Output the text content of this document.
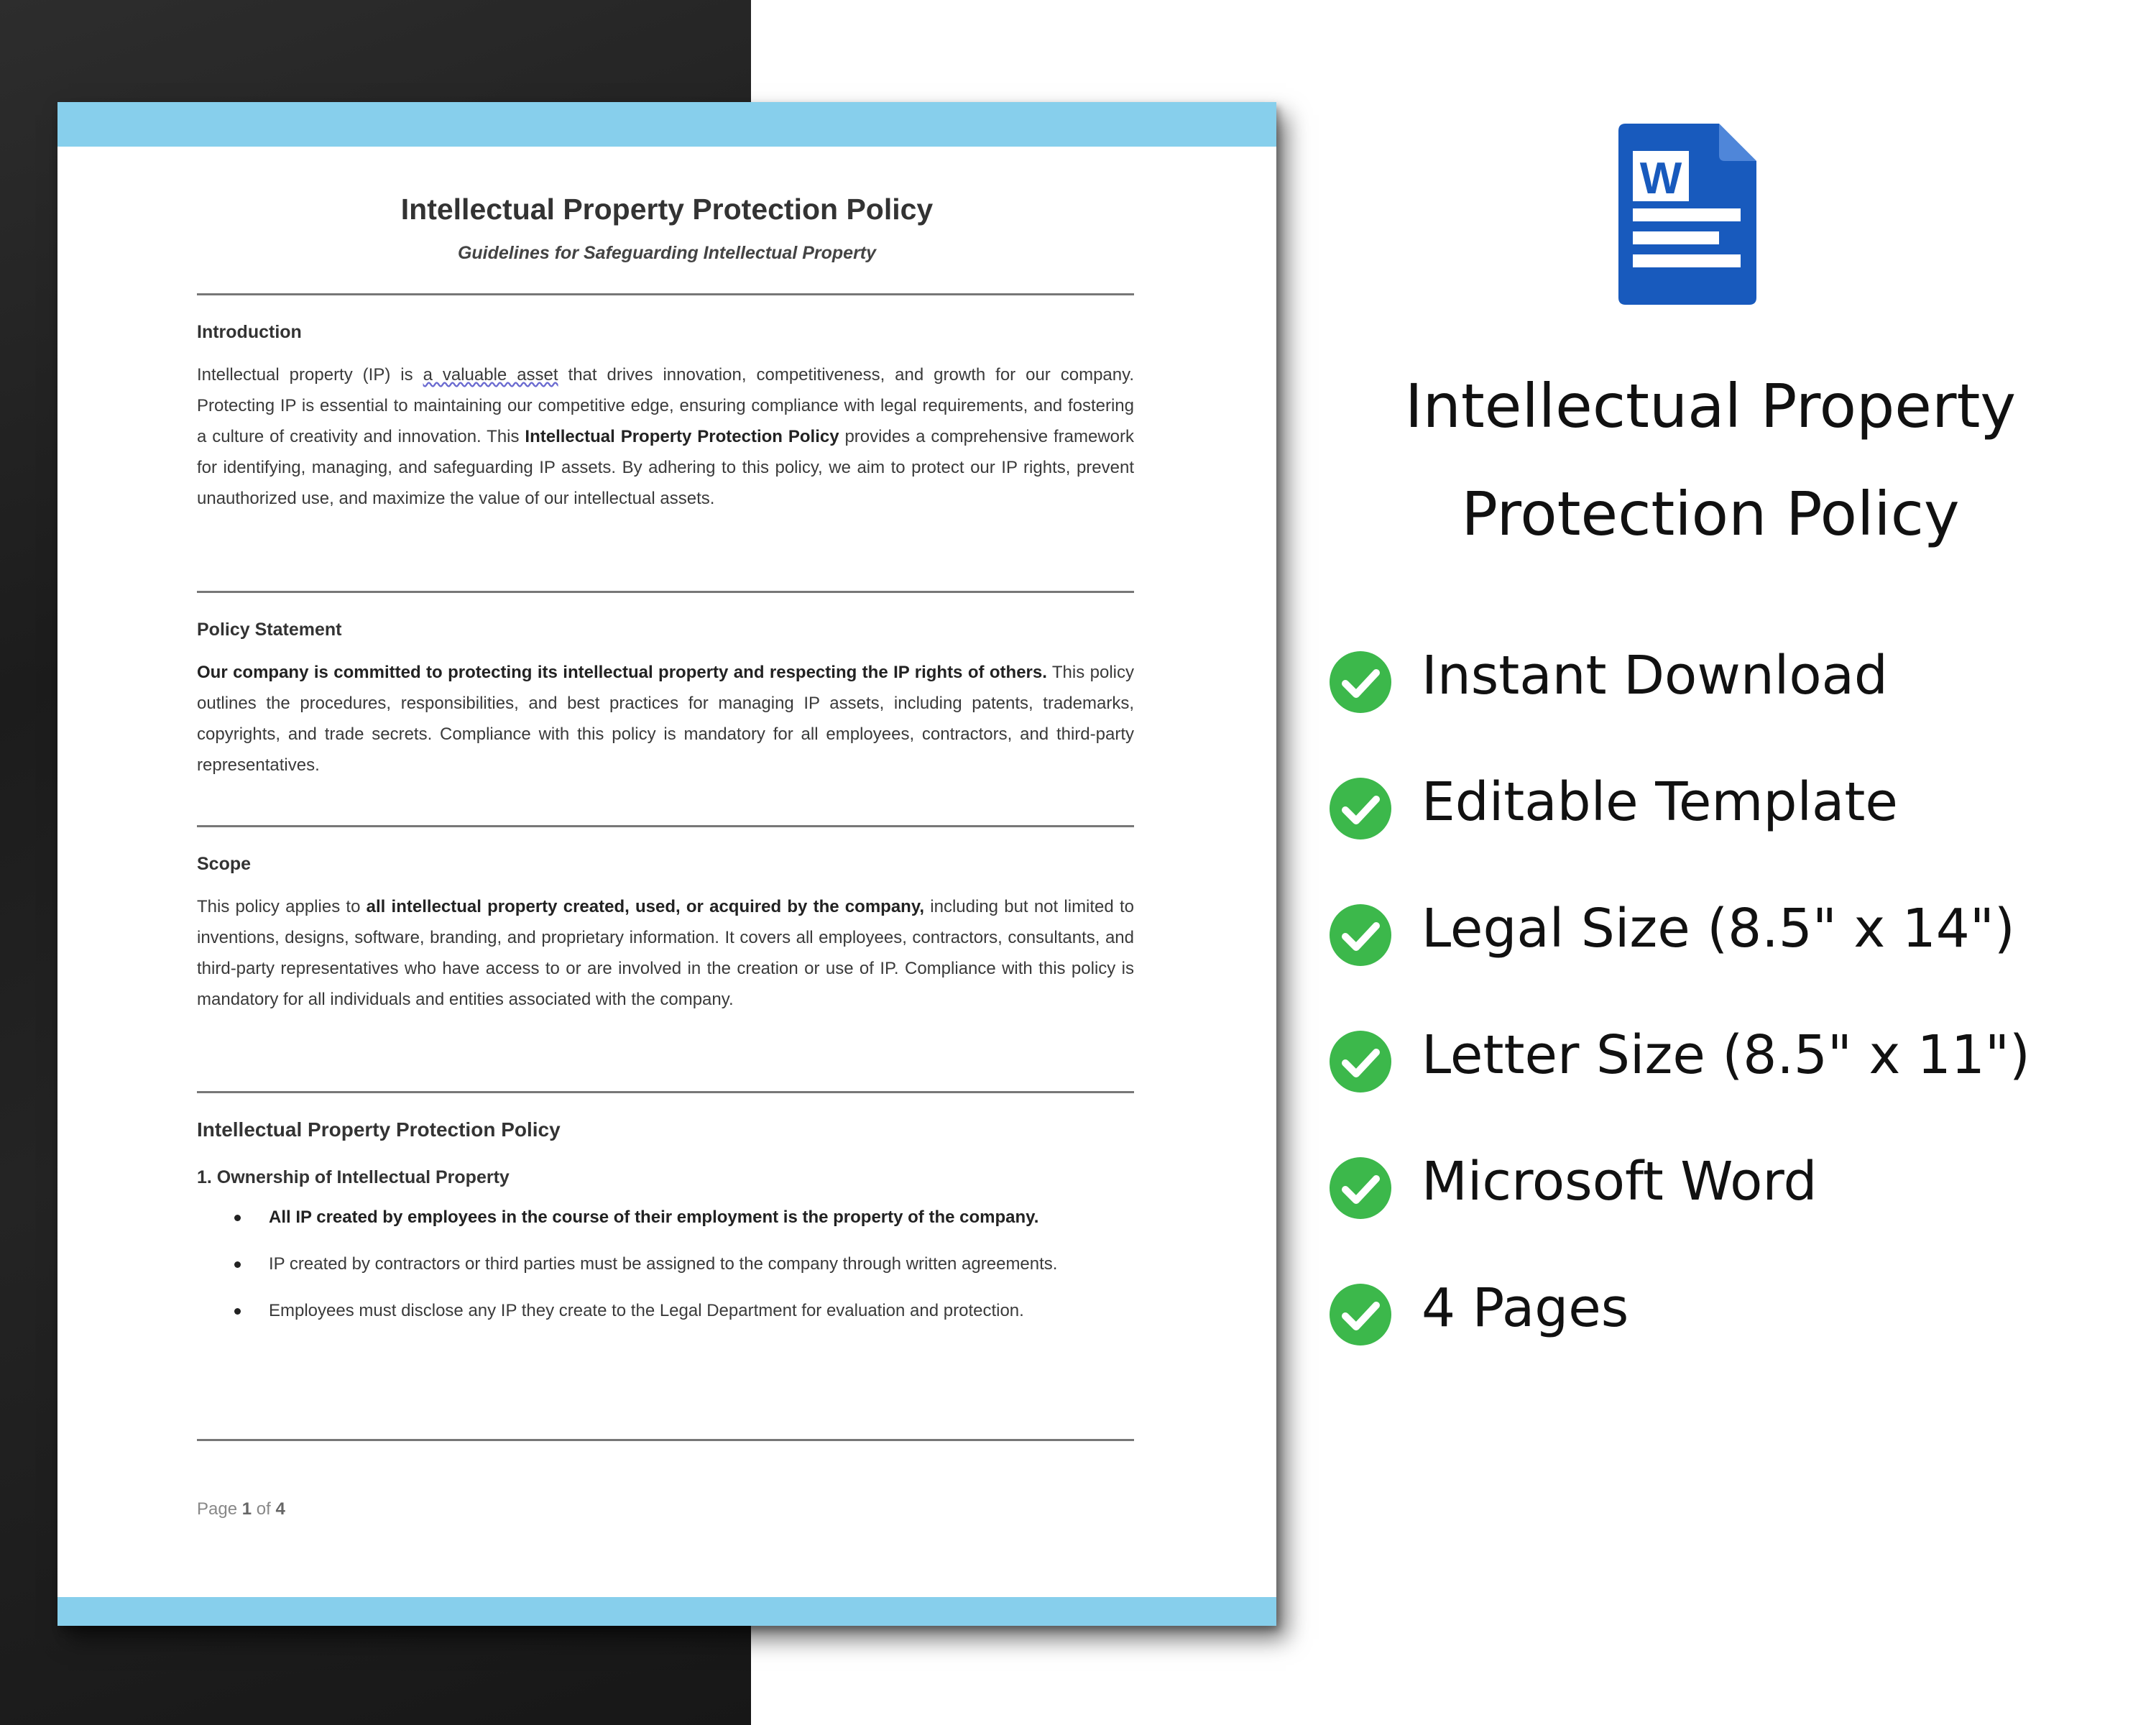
Intellectual Property Protection Policy
Guidelines for Safeguarding Intellectual Property
Introduction
Intellectual property (IP) is a valuable asset that drives innovation, competitiveness, and growth for our company. Protecting IP is essential to maintaining our competitive edge, ensuring compliance with legal requirements, and fostering a culture of creativity and innovation. This Intellectual Property Protection Policy provides a comprehensive framework for identifying, managing, and safeguarding IP assets. By adhering to this policy, we aim to protect our IP rights, prevent unauthorized use, and maximize the value of our intellectual assets.
Policy Statement
Our company is committed to protecting its intellectual property and respecting the IP rights of others. This policy outlines the procedures, responsibilities, and best practices for managing IP assets, including patents, trademarks, copyrights, and trade secrets. Compliance with this policy is mandatory for all employees, contractors, and third-party representatives.
Scope
This policy applies to all intellectual property created, used, or acquired by the company, including but not limited to inventions, designs, software, branding, and proprietary information. It covers all employees, contractors, consultants, and third-party representatives who have access to or are involved in the creation or use of IP. Compliance with this policy is mandatory for all individuals and entities associated with the company.
Intellectual Property Protection Policy
1. Ownership of Intellectual Property
All IP created by employees in the course of their employment is the property of the company.
IP created by contractors or third parties must be assigned to the company through written agreements.
Employees must disclose any IP they create to the Legal Department for evaluation and protection.
Page 1 of 4
W
Intellectual Property
Protection Policy
Instant Download
Editable Template
Legal Size (8.5" x 14")
Letter Size (8.5" x 11")
Microsoft Word
4 Pages
